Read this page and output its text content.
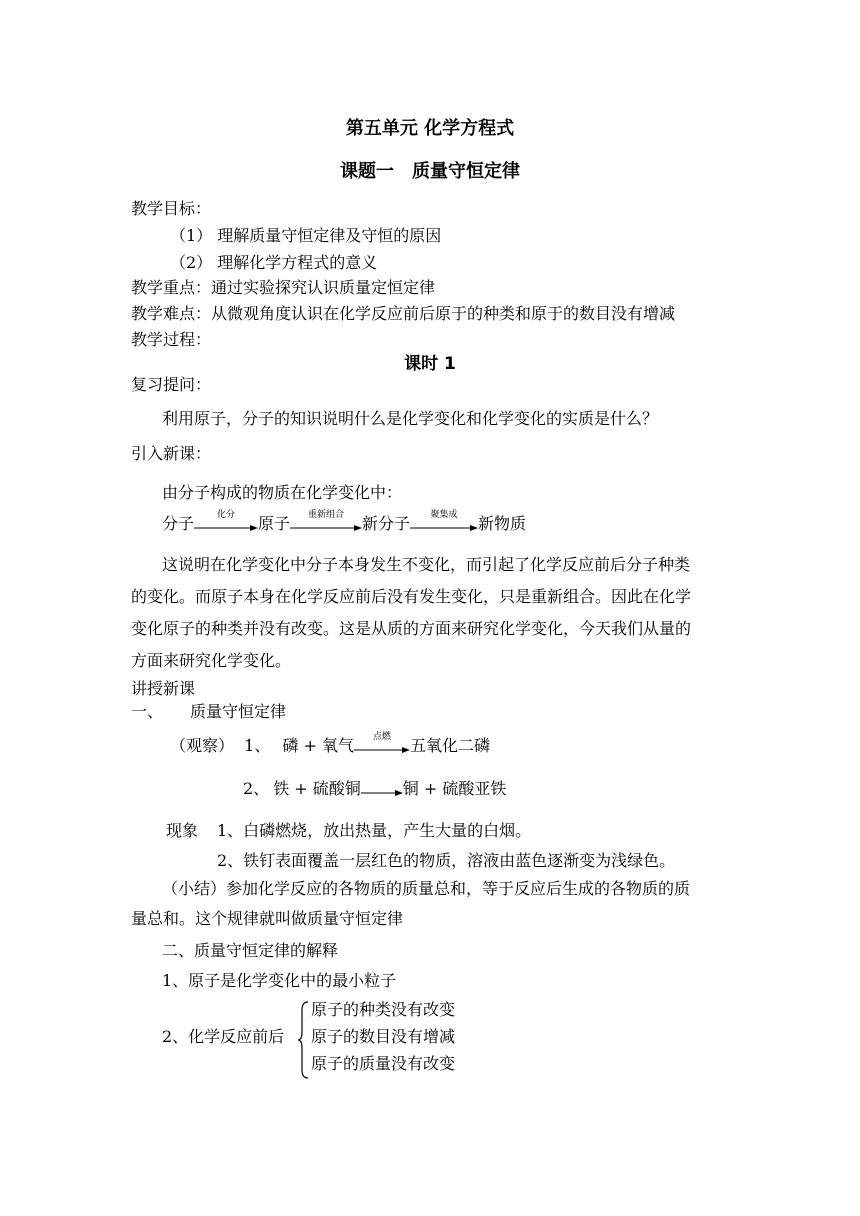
第五单元 化学方程式
课题一　质量守恒定律
教学目标：
（1） 理解质量守恒定律及守恒的原因
（2） 理解化学方程式的意义
教学重点：通过实验探究认识质量定恒定律
教学难点：从微观角度认识在化学反应前后原于的种类和原于的数目没有增减
教学过程：
课时 1
复习提问：
利用原子，分子的知识说明什么是化学变化和化学变化的实质是什么？
引入新课：
由分子构成的物质在化学变化中：
分子	化分	原子	重新组合	新分子	聚集成	新物质
这说明在化学变化中分子本身发生不变化，而引起了化学反应前后分子种类
的变化。而原子本身在化学反应前后没有发生变化，只是重新组合。因此在化学
变化原子的种类并没有改变。这是从质的方面来研究化学变化，今天我们从量的
方面来研究化学变化。
讲授新课
一、 质量守恒定律
（观察）  1、 磷 + 氧气	点燃	五氧化二磷
2、 铁 + 硫酸铜	铜 + 硫酸亚铁
现象 1、白磷燃烧，放出热量，产生大量的白烟。
2、铁钉表面覆盖一层红色的物质，溶液由蓝色逐渐变为浅绿色。
（小结）参加化学反应的各物质的质量总和，等于反应后生成的各物质的质
量总和。这个规律就叫做质量守恒定律
二、质量守恒定律的解释
1、原子是化学变化中的最小粒子
2、化学反应前后
原子的种类没有改变
原子的数目没有增减
原子的质量没有改变
